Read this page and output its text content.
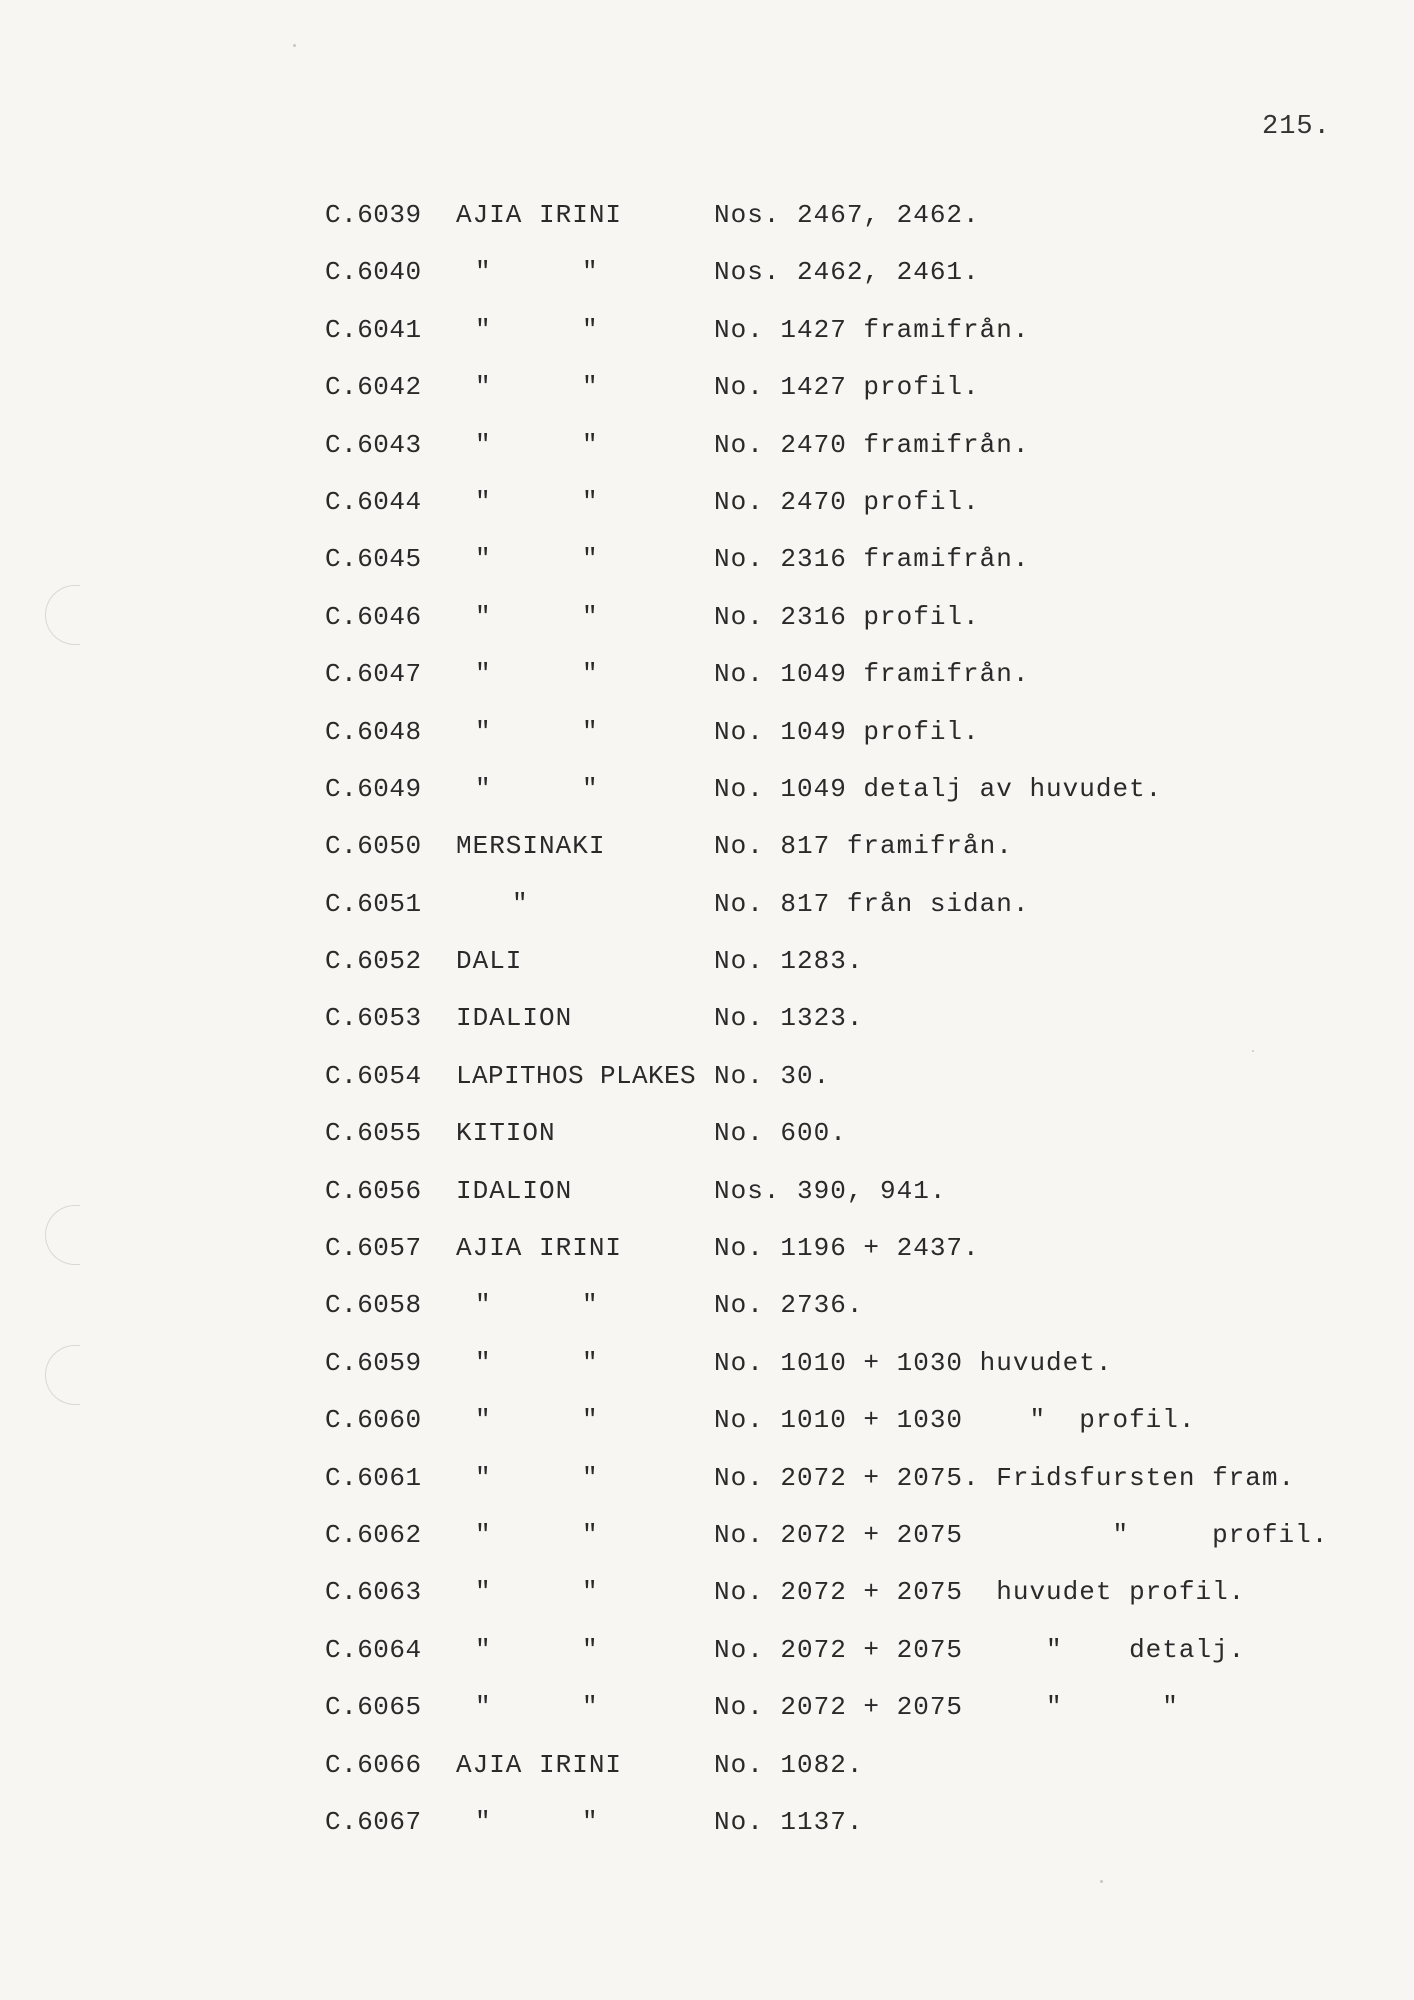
215.
C.6039 AJIA IRINI	Nos. 2467, 2462.
C.6040 "	"	Nos. 2462, 2461.
C.6041 "	"	No. 1427 framifrån.
C.6042 "	"	No. 1427 profil.
C.6043 "	"	No. 2470 framifrån.
C.6044 "	"	No. 2470 profil.
C.6045 "	"	No. 2316 framifrån.
C.6046 "	"	No. 2316 profil.
C.6047 "	"	No. 1049 framifrån.
C.6048 "	"	No. 1049 profil.
C.6049 "	"	No. 1049 detalj av huvudet.
C.6050 MERSINAKI	No. 817 framifrån.
C.6051	"	No. 817 från sidan.
C.6052 DALI	No. 1283.
C.6053 IDALION	No. 1323.
C.6054 LAPITHOS PLAKES No. 30.
C.6055 KITION	No. 600.
C.6056 IDALION	Nos. 390, 941.
C.6057 AJIA IRINI	No. 1196 + 2437.
C.6058 "	"	No. 2736.
C.6059 "	"	No. 1010 + 1030 huvudet.
C.6060 "	"	No. 1010 + 1030    "  profil.
C.6061 "	"	No. 2072 + 2075. Fridsfursten fram.
C.6062 "	"	No. 2072 + 2075         "     profil.
C.6063 "	"	No. 2072 + 2075  huvudet profil.
C.6064 "	"	No. 2072 + 2075     "    detalj.
C.6065 "	"	No. 2072 + 2075     "      "
C.6066 AJIA IRINI	No. 1082.
C.6067 "	"	No. 1137.
